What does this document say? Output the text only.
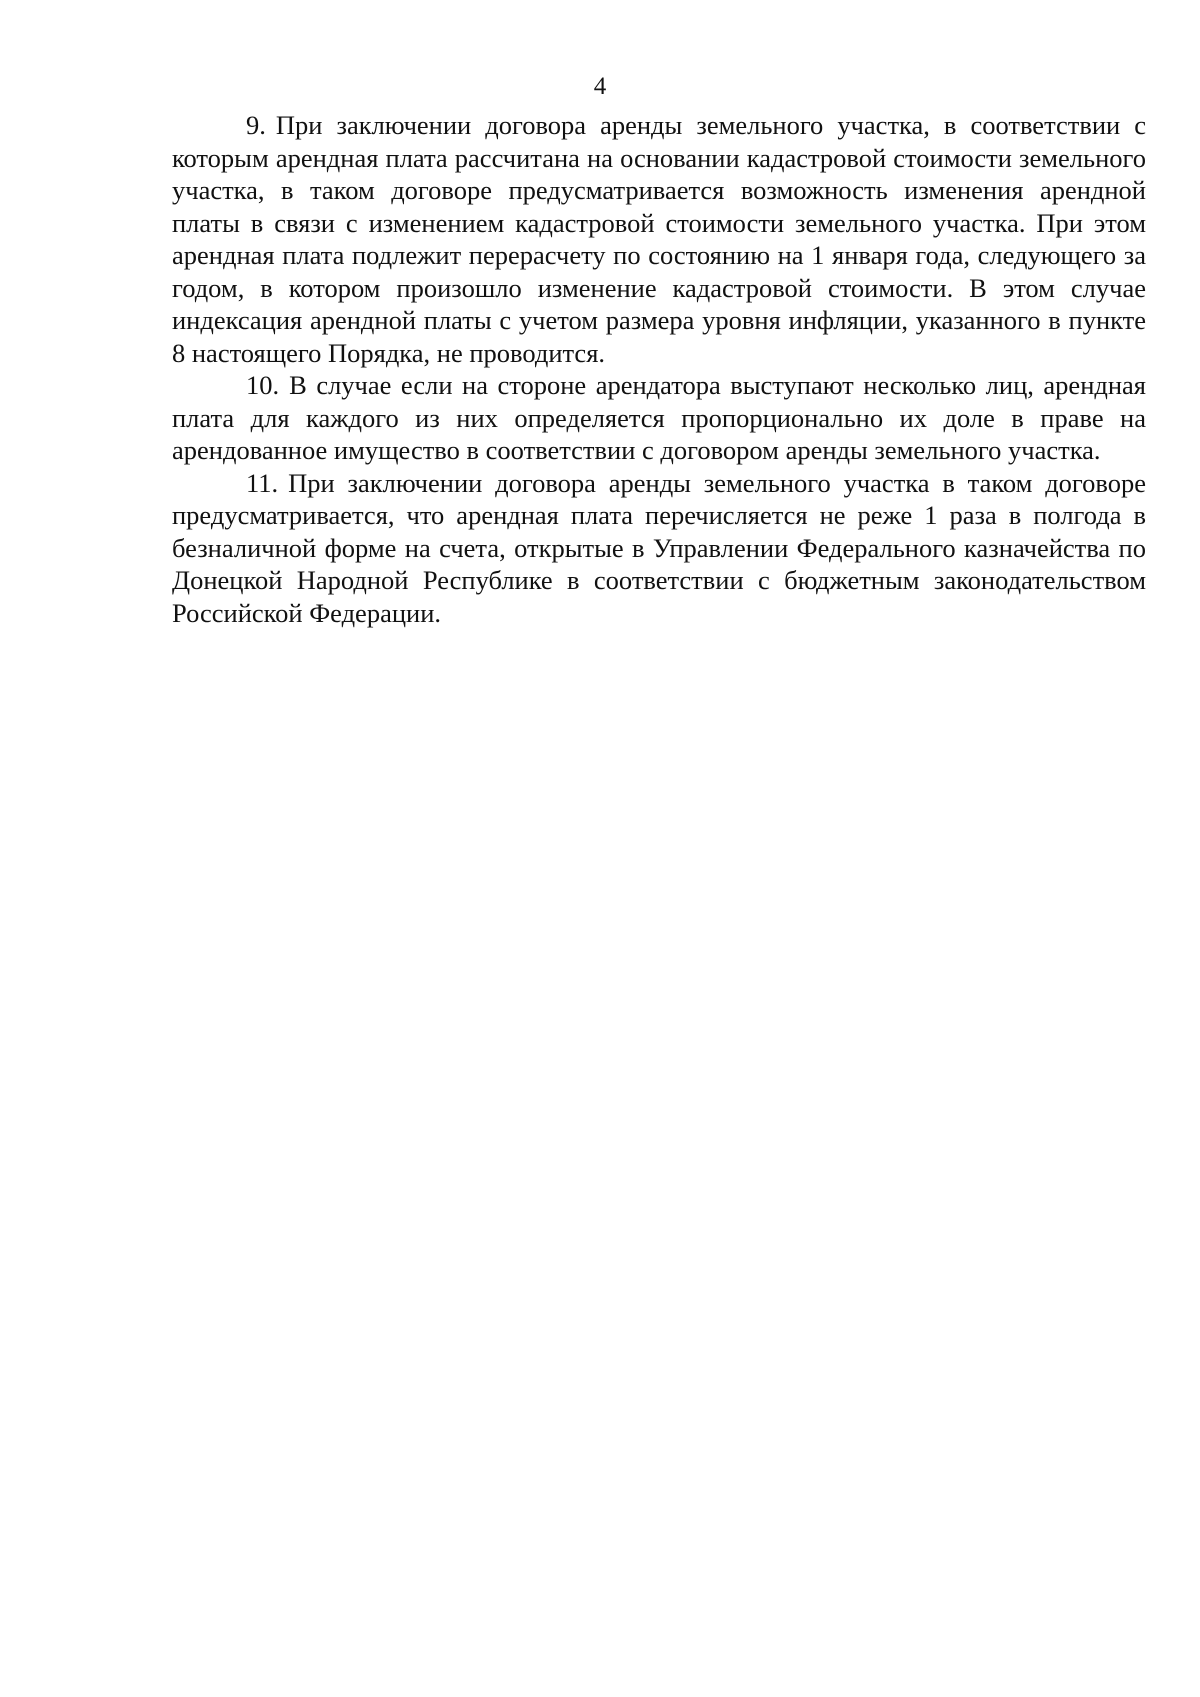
4

9. При заключении договора аренды земельного участка, в соответствии с которым арендная плата рассчитана на основании кадастровой стоимости земельного участка, в таком договоре предусматривается возможность изменения арендной платы в связи с изменением кадастровой стоимости земельного участка. При этом арендная плата подлежит перерасчету по состоянию на 1 января года, следующего за годом, в котором произошло изменение кадастровой стоимости. В этом случае индексация арендной платы с учетом размера уровня инфляции, указанного в пункте 8 настоящего Порядка, не проводится.

10. В случае если на стороне арендатора выступают несколько лиц, арендная плата для каждого из них определяется пропорционально их доле в праве на арендованное имущество в соответствии с договором аренды земельного участка.

11. При заключении договора аренды земельного участка в таком договоре предусматривается, что арендная плата перечисляется не реже 1 раза в полгода в безналичной форме на счета, открытые в Управлении Федерального казначейства по Донецкой Народной Республике в соответствии с бюджетным законодательством Российской Федерации.
